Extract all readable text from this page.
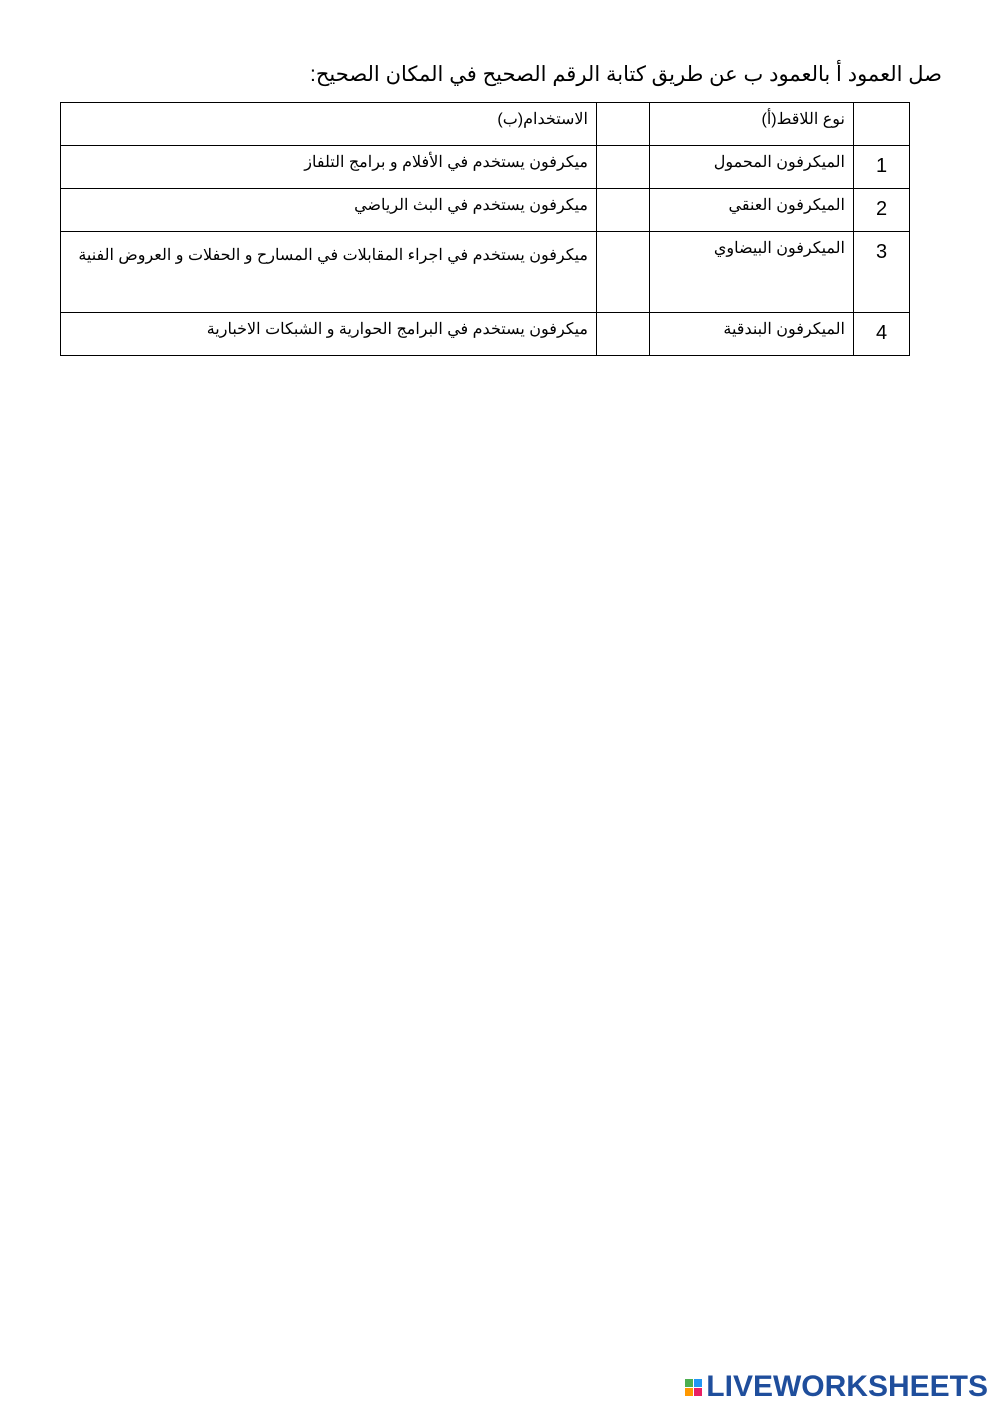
صل العمود أ بالعمود ب عن طريق كتابة الرقم الصحيح في المكان الصحيح:

	نوع اللاقط(أ)		الاستخدام(ب)

1	الميكرفون المحمول		ميكرفون يستخدم في الأفلام و برامج التلفاز

2	الميكرفون العنقي		ميكرفون يستخدم في البث الرياضي

3	الميكرفون البيضاوي		ميكرفون يستخدم في اجراء المقابلات في المسارح و الحفلات و العروض الفنية

4	الميكرفون البندقية		ميكرفون يستخدم في البرامج الحوارية و الشبكات الاخبارية
LIVEWORKSHEETS
